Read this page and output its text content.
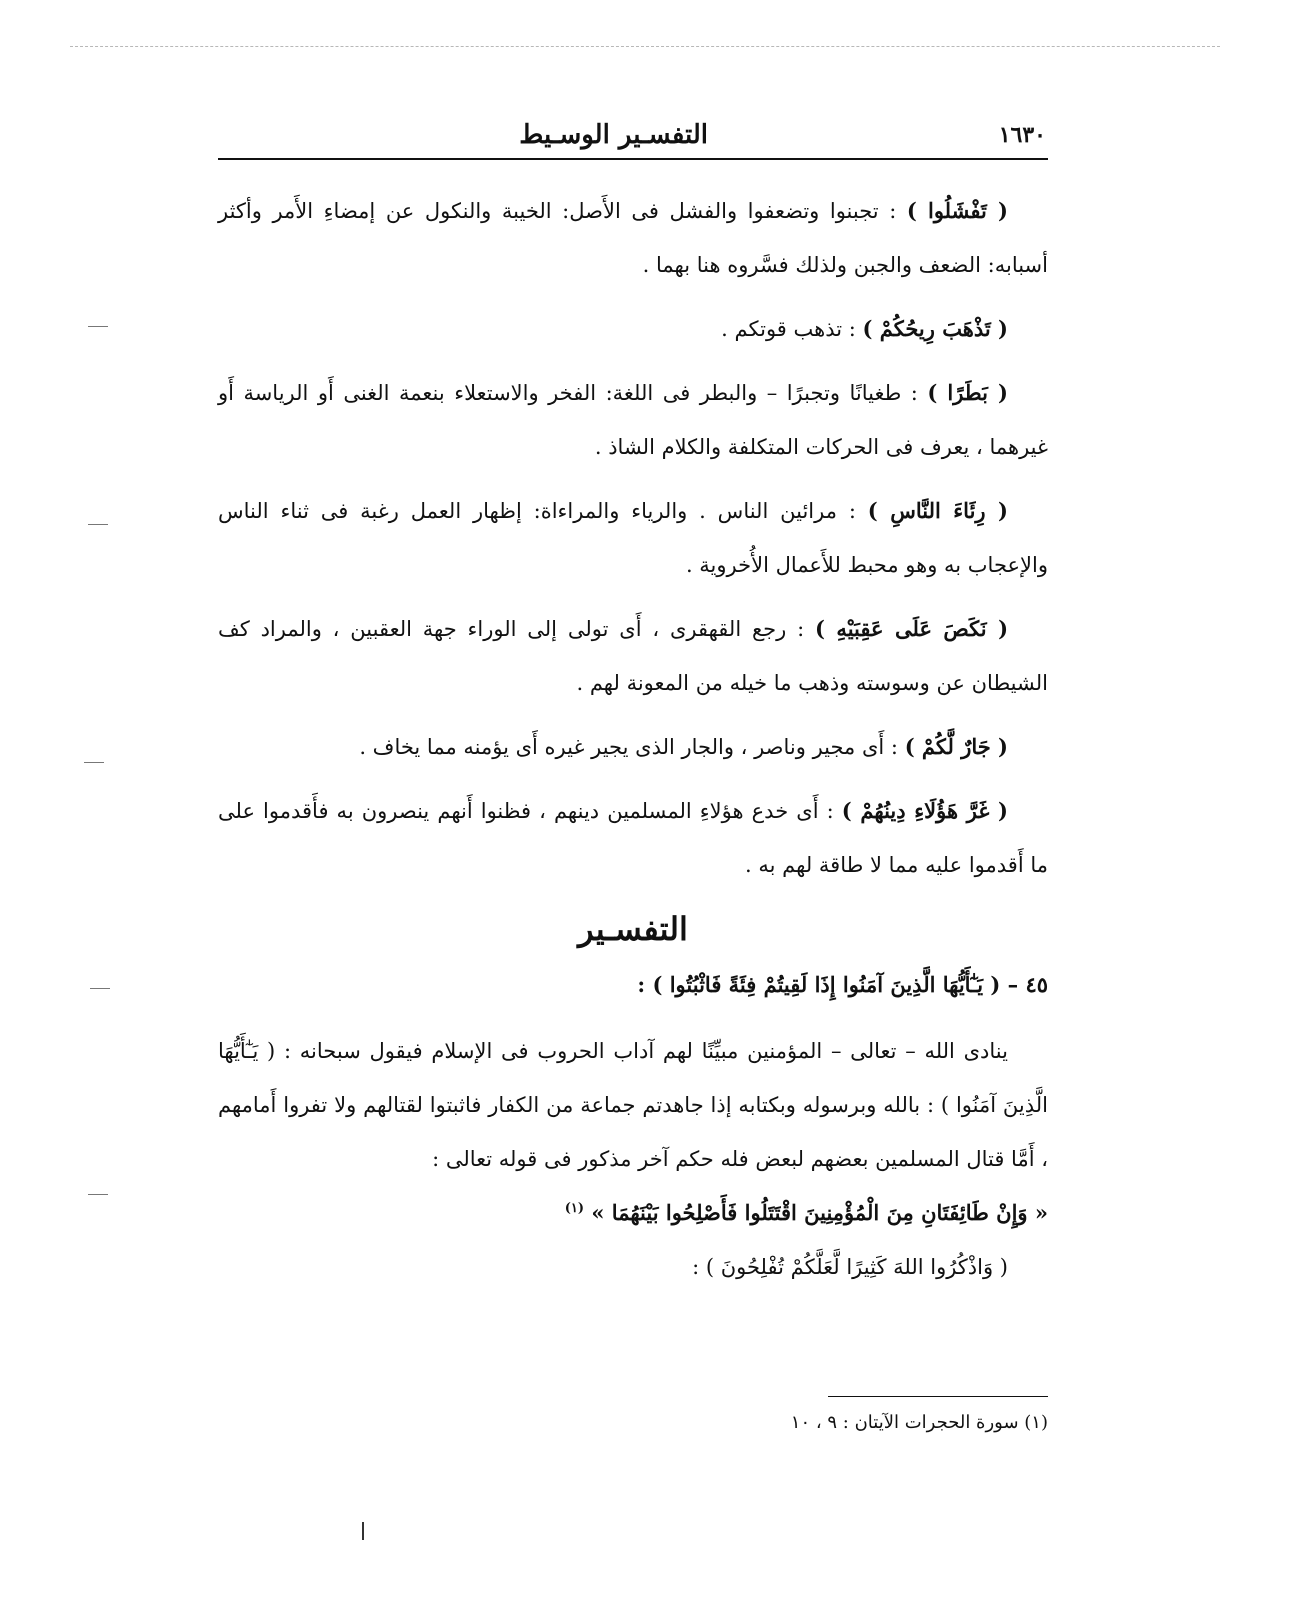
١٦٣٠
التفسـير الوسـيط

( تَفْشَلُوا ) : تجبنوا وتضعفوا والفشل فى الأَصل: الخيبة والنكول عن إمضاءِ الأَمر وأكثر أسبابه: الضعف والجبن ولذلك فسَّروه هنا بهما .

( تَذْهَبَ رِيحُكُمْ ) : تذهب قوتكم .

( بَطَرًا ) : طغيانًا وتجبرًا – والبطر فى اللغة: الفخر والاستعلاء بنعمة الغنى أَو الرياسة أَو غيرهما ، يعرف فى الحركات المتكلفة والكلام الشاذ .

( رِئَاءَ النَّاسِ ) : مرائين الناس . والرياء والمراءاة: إظهار العمل رغبة فى ثناء الناس والإعجاب به وهو محبط للأَعمال الأُخروية .

( نَكَصَ عَلَى عَقِبَيْهِ ) : رجع القهقرى ، أَى تولى إلى الوراء جهة العقبين ، والمراد كف الشيطان عن وسوسته وذهب ما خيله من المعونة لهم .

( جَارٌ لَّكُمْ ) : أَى مجير وناصر ، والجار الذى يجير غيره أَى يؤمنه مما يخاف .

( غَرَّ هَؤُلَاءِ دِينُهُمْ ) : أَى خدع هؤلاءِ المسلمين دينهم ، فظنوا أَنهم ينصرون به فأَقدموا على ما أَقدموا عليه مما لا طاقة لهم به .

التفسـير

٤٥ – ( يَـٰٓأَيُّهَا الَّذِينَ آمَنُوا إِذَا لَقِيتُمْ فِئَةً فَاثْبُتُوا ) :

ينادى الله – تعالى – المؤمنين مبيِّنًا لهم آداب الحروب فى الإسلام فيقول سبحانه : ( يَـٰٓأَيُّهَا الَّذِينَ آمَنُوا ) : بالله وبرسوله وبكتابه إذا جاهدتم جماعة من الكفار فاثبتوا لقتالهم ولا تفروا أَمامهم ، أَمَّا قتال المسلمين بعضهم لبعض فله حكم آخر مذكور فى قوله تعالى :

« وَإِنْ طَائِفَتَانِ مِنَ الْمُؤْمِنِينَ اقْتَتَلُوا فَأَصْلِحُوا بَيْنَهُمَا » $^{(١)}$

( وَاذْكُرُوا اللهَ كَثِيرًا لَّعَلَّكُمْ تُفْلِحُونَ ) :

(١) سورة الحجرات الآيتان : ٩ ، ١٠
